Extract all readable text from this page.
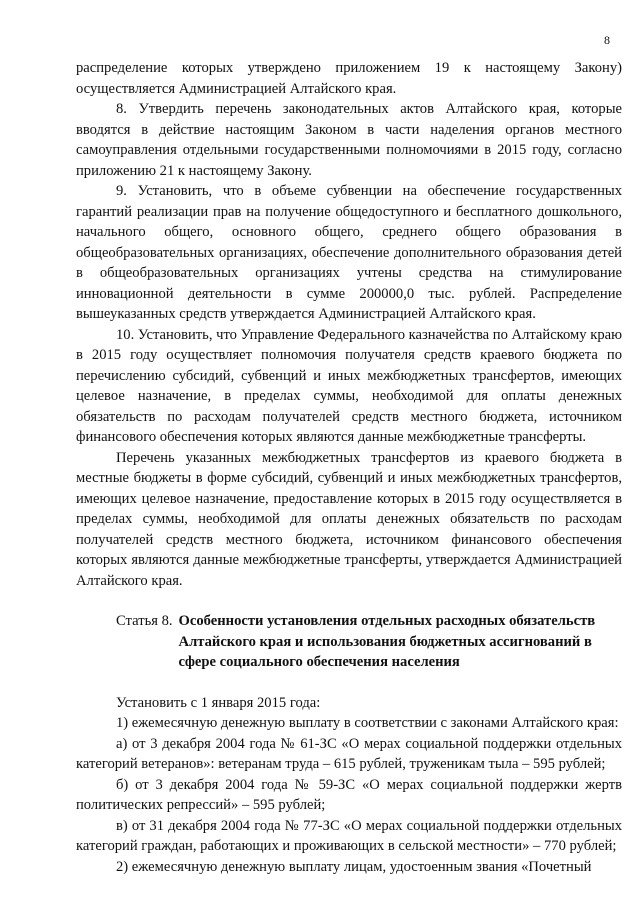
8

распределение которых утверждено приложением 19 к настоящему Закону) осуществляется Администрацией Алтайского края.

8. Утвердить перечень законодательных актов Алтайского края, которые вводятся в действие настоящим Законом в части наделения органов местного самоуправления отдельными государственными полномочиями в 2015 году, согласно приложению 21 к настоящему Закону.

9. Установить, что в объеме субвенции на обеспечение государственных гарантий реализации прав на получение общедоступного и бесплатного дошкольного, начального общего, основного общего, среднего общего образования в общеобразовательных организациях, обеспечение дополнительного образования детей в общеобразовательных организациях учтены средства на стимулирование инновационной деятельности в сумме 200000,0 тыс. рублей. Распределение вышеуказанных средств утверждается Администрацией Алтайского края.

10. Установить, что Управление Федерального казначейства по Алтайскому краю в 2015 году осуществляет полномочия получателя средств краевого бюджета по перечислению субсидий, субвенций и иных межбюджетных трансфертов, имеющих целевое назначение, в пределах суммы, необходимой для оплаты денежных обязательств по расходам получателей средств местного бюджета, источником финансового обеспечения которых являются данные межбюджетные трансферты.

Перечень указанных межбюджетных трансфертов из краевого бюджета в местные бюджеты в форме субсидий, субвенций и иных межбюджетных трансфертов, имеющих целевое назначение, предоставление которых в 2015 году осуществляется в пределах суммы, необходимой для оплаты денежных обязательств по расходам получателей средств местного бюджета, источником финансового обеспечения которых являются данные межбюджетные трансферты, утверждается Администрацией Алтайского края.

Статья 8. Особенности установления отдельных расходных обязательств Алтайского края и использования бюджетных ассигнований в сфере социального обеспечения населения

Установить с 1 января 2015 года:

1) ежемесячную денежную выплату в соответствии с законами Алтайского края:

а) от 3 декабря 2004 года № 61-ЗС «О мерах социальной поддержки отдельных категорий ветеранов»: ветеранам труда – 615 рублей, труженикам тыла – 595 рублей;

б) от 3 декабря 2004 года № 59-ЗС «О мерах социальной поддержки жертв политических репрессий» – 595 рублей;

в) от 31 декабря 2004 года № 77-ЗС «О мерах социальной поддержки отдельных категорий граждан, работающих и проживающих в сельской местности» – 770 рублей;

2) ежемесячную денежную выплату лицам, удостоенным звания «Почетный
